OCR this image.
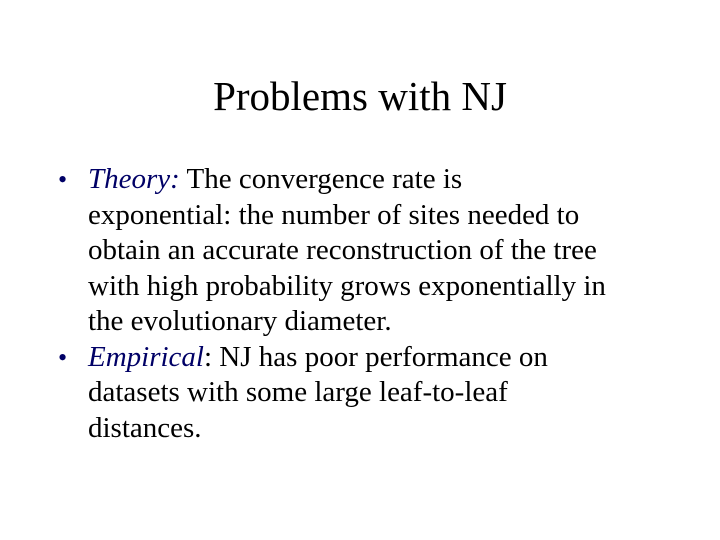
Problems with NJ
• Theory: The convergence rate is
exponential: the number of sites needed to
obtain an accurate reconstruction of the tree
with high probability grows exponentially in
the evolutionary diameter.
• Empirical: NJ has poor performance on
datasets with some large leaf-to-leaf
distances.
